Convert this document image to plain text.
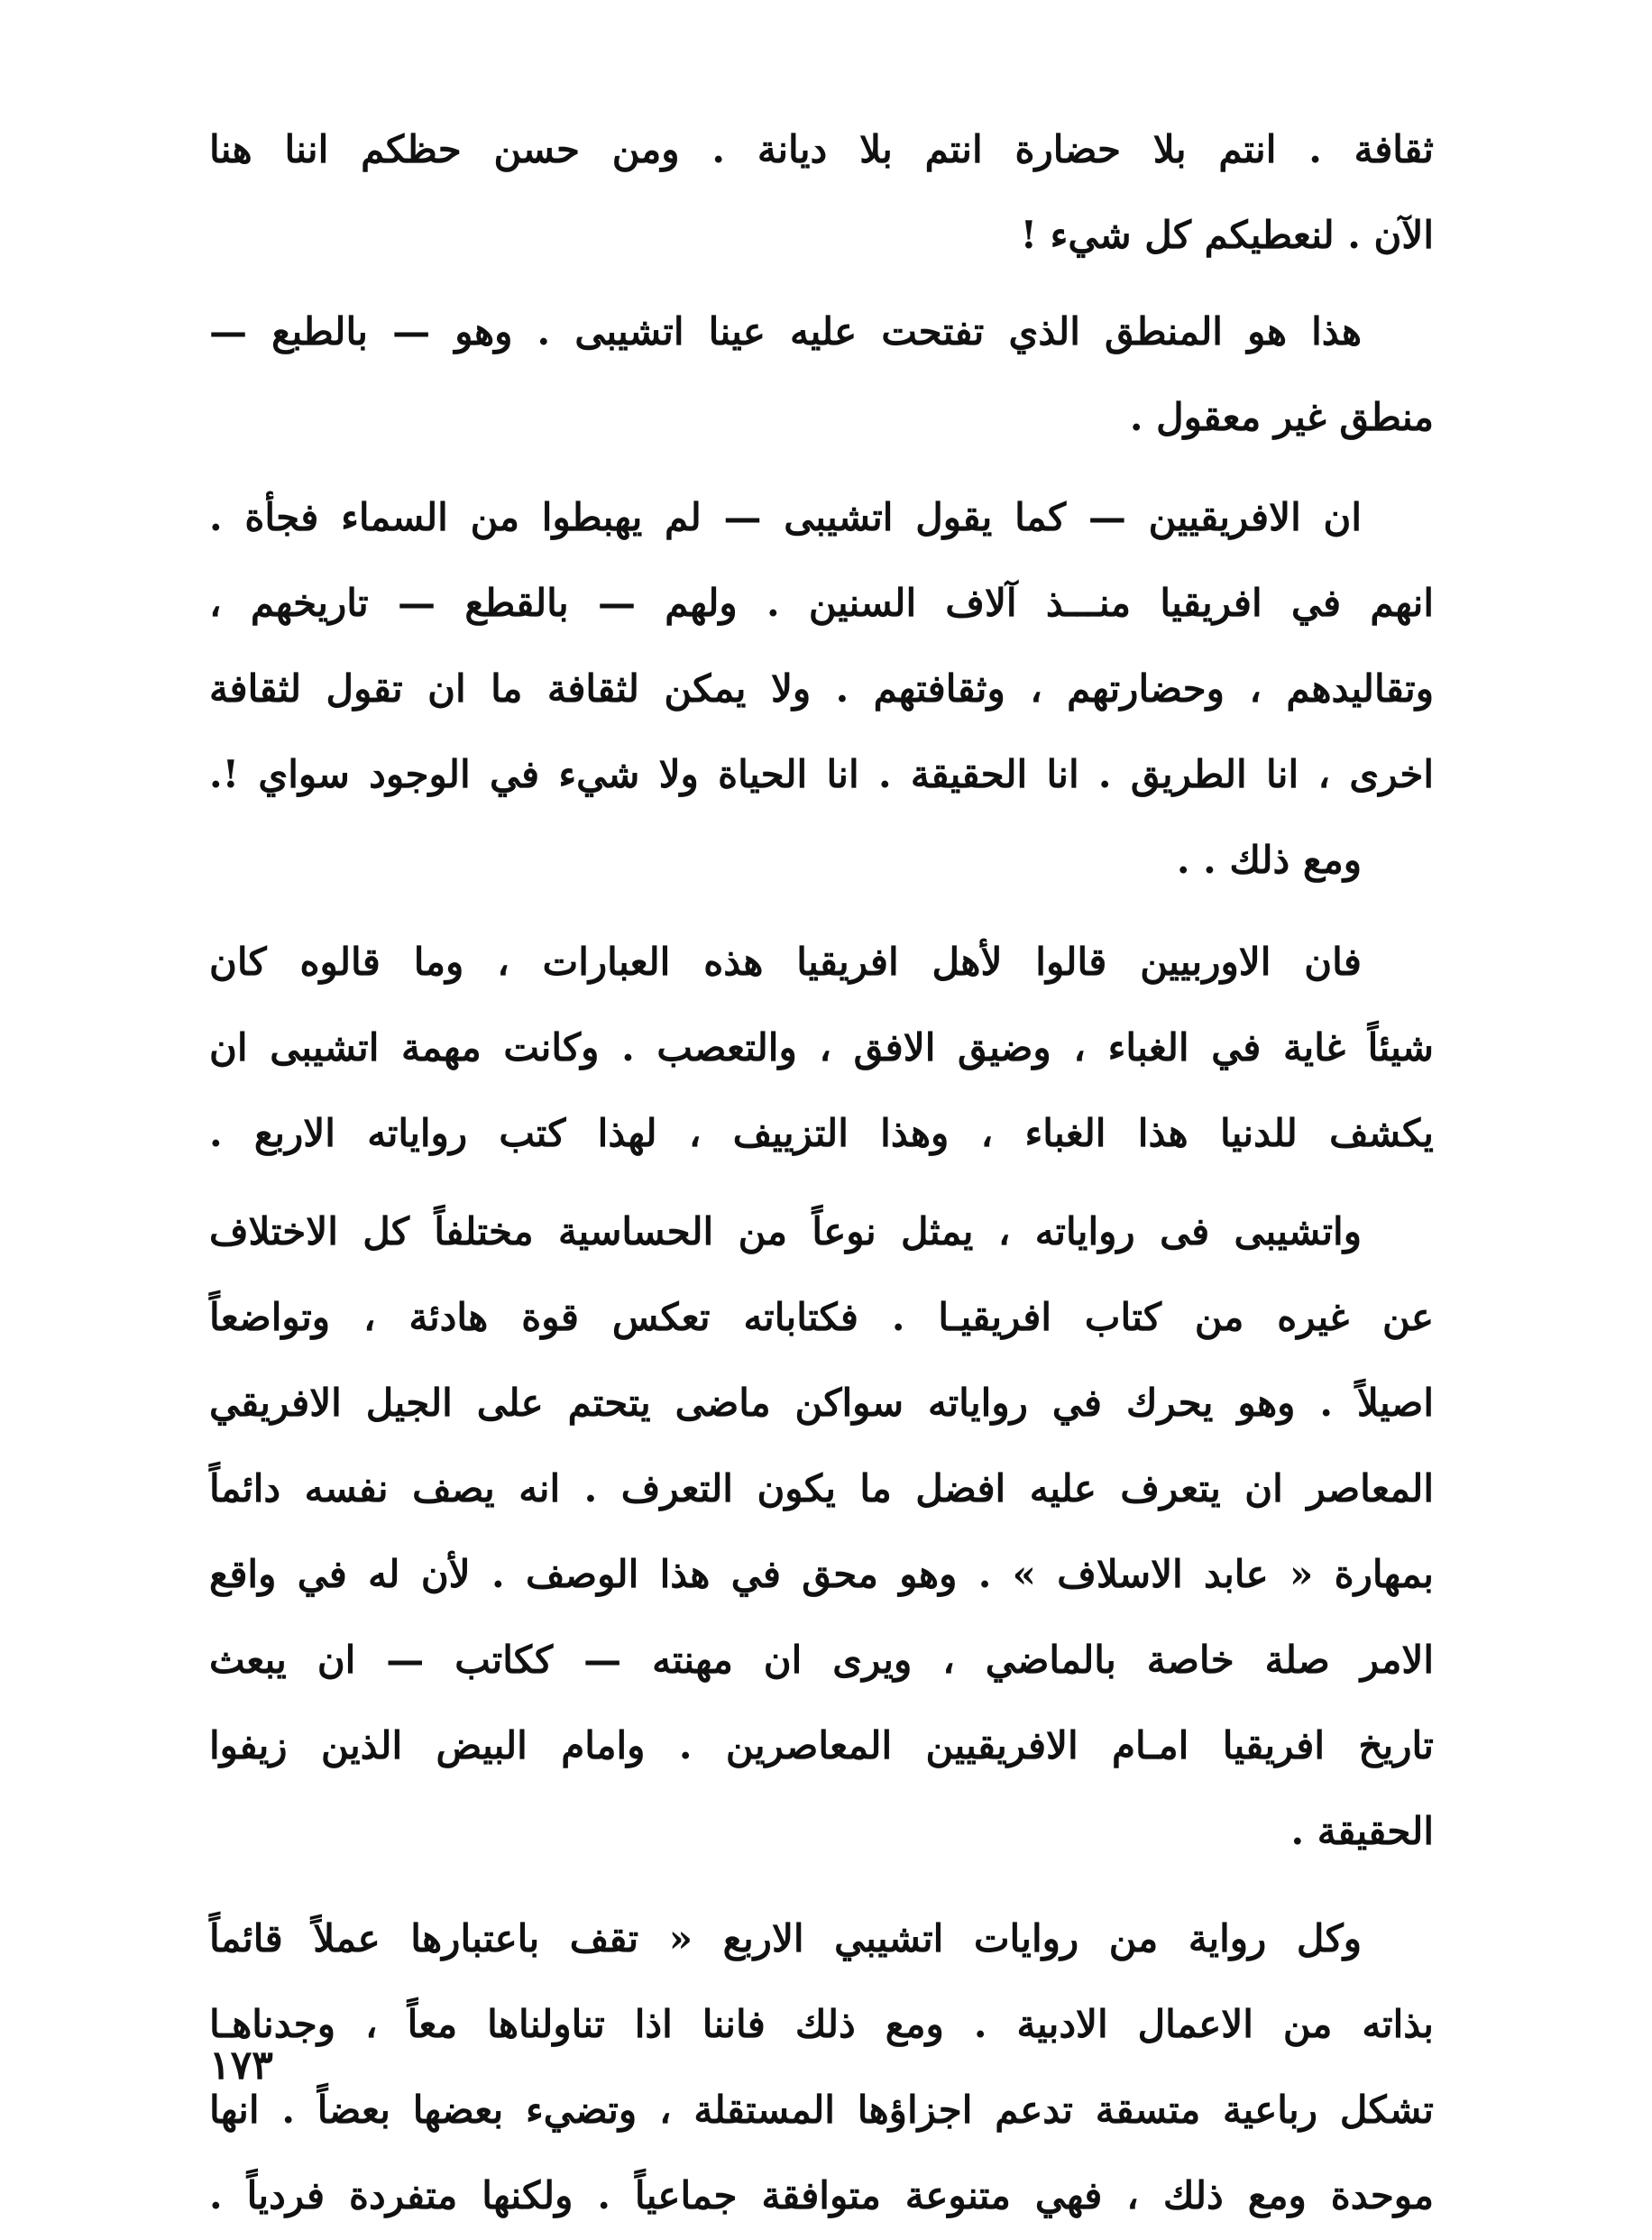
ثقافة . انتم بلا حضارة انتم بلا ديانة . ومن حسن حظكم اننا هنا
الآن . لنعطيكم كل شيء !
هذا هو المنطق الذي تفتحت عليه عينا اتشيبى . وهو — بالطبع —
منطق غير معقول .
ان الافريقيين — كما يقول اتشيبى — لم يهبطوا من السماء فجأة .
انهم في افريقيا منـــذ آلاف السنين . ولهم — بالقطع — تاريخهم ،
وتقاليدهم ، وحضارتهم ، وثقافتهم . ولا يمكن لثقافة ما ان تقول لثقافة
اخرى ، انا الطريق . انا الحقيقة . انا الحياة ولا شيء في الوجود سواي !.
ومع ذلك . .
فان الاوربيين قالوا لأهل افريقيا هذه العبارات ، وما قالوه كان
شيئاً غاية في الغباء ، وضيق الافق ، والتعصب . وكانت مهمة اتشيبى ان
يكشف للدنيا هذا الغباء ، وهذا التزييف ، لهذا كتب رواياته الاربع .
واتشيبى فى رواياته ، يمثل نوعاً من الحساسية مختلفاً كل الاختلاف
عن غيره من كتاب افريقيـا . فكتاباته تعكس قوة هادئة ، وتواضعاً
اصيلاً . وهو يحرك في رواياته سواكن ماضى يتحتم على الجيل الافريقي
المعاصر ان يتعرف عليه افضل ما يكون التعرف . انه يصف نفسه دائماً
بمهارة « عابد الاسلاف » . وهو محق في هذا الوصف . لأن له في واقع
الامر صلة خاصة بالماضي ، ويرى ان مهنته — ككاتب — ان يبعث
تاريخ افريقيا امـام الافريقيين المعاصرين . وامام البيض الذين زيفوا
الحقيقة .
وكل رواية من روايات اتشيبي الاربع « تقف باعتبارها عملاً قائماً
بذاته من الاعمال الادبية . ومع ذلك فاننا اذا تناولناها معاً ، وجدناهـا
تشكل رباعية متسقة تدعم اجزاؤها المستقلة ، وتضيء بعضها بعضاً . انها
موحدة ومع ذلك ، فهي متنوعة متوافقة جماعياً . ولكنها متفردة فردياً .
١٧٣
